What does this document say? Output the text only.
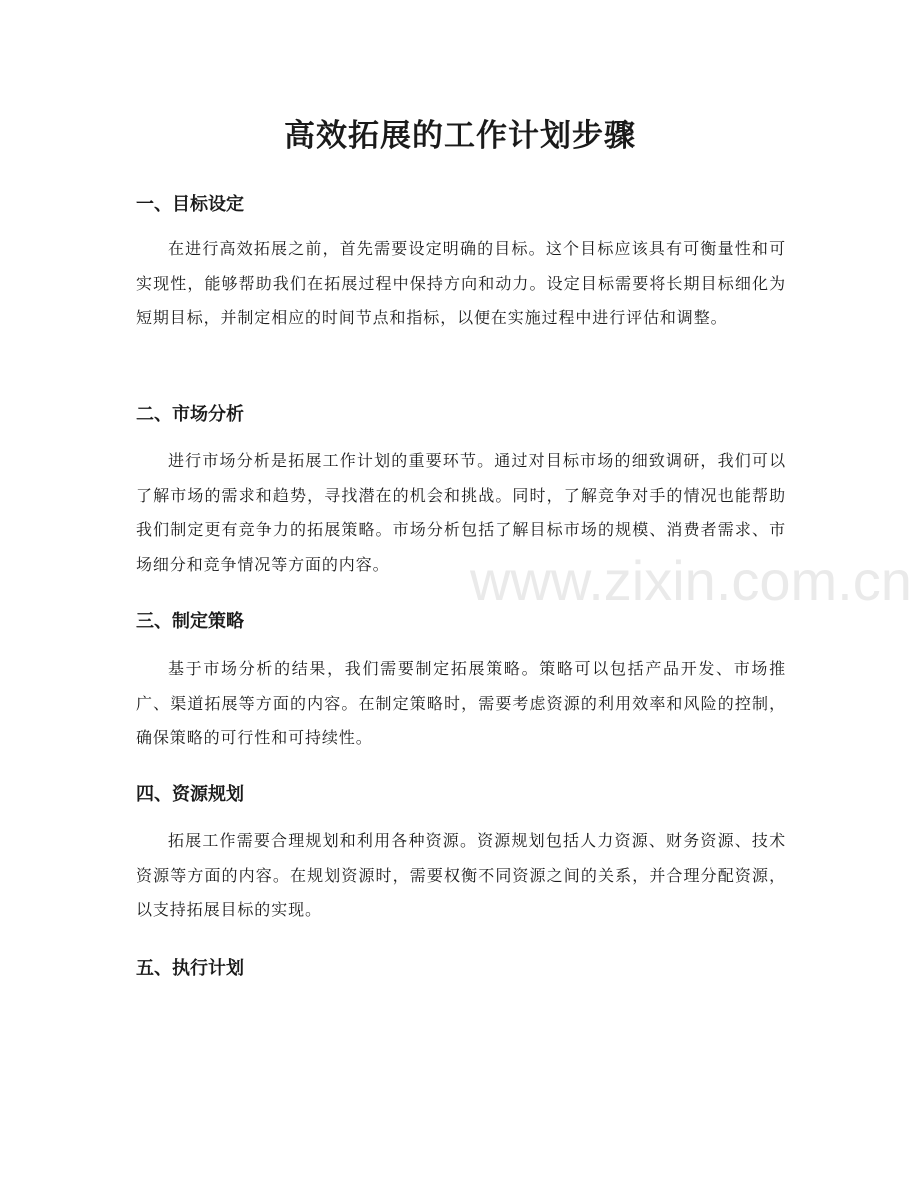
高效拓展的工作计划步骤
一、目标设定

在进行高效拓展之前，首先需要设定明确的目标。这个目标应该具有可衡量性和可实现性，能够帮助我们在拓展过程中保持方向和动力。设定目标需要将长期目标细化为短期目标，并制定相应的时间节点和指标，以便在实施过程中进行评估和调整。

二、市场分析

进行市场分析是拓展工作计划的重要环节。通过对目标市场的细致调研，我们可以了解市场的需求和趋势，寻找潜在的机会和挑战。同时，了解竞争对手的情况也能帮助我们制定更有竞争力的拓展策略。市场分析包括了解目标市场的规模、消费者需求、市场细分和竞争情况等方面的内容。

三、制定策略

基于市场分析的结果，我们需要制定拓展策略。策略可以包括产品开发、市场推广、渠道拓展等方面的内容。在制定策略时，需要考虑资源的利用效率和风险的控制，确保策略的可行性和可持续性。

四、资源规划

拓展工作需要合理规划和利用各种资源。资源规划包括人力资源、财务资源、技术资源等方面的内容。在规划资源时，需要权衡不同资源之间的关系，并合理分配资源，以支持拓展目标的实现。

五、执行计划
www.zixin.com.cn
